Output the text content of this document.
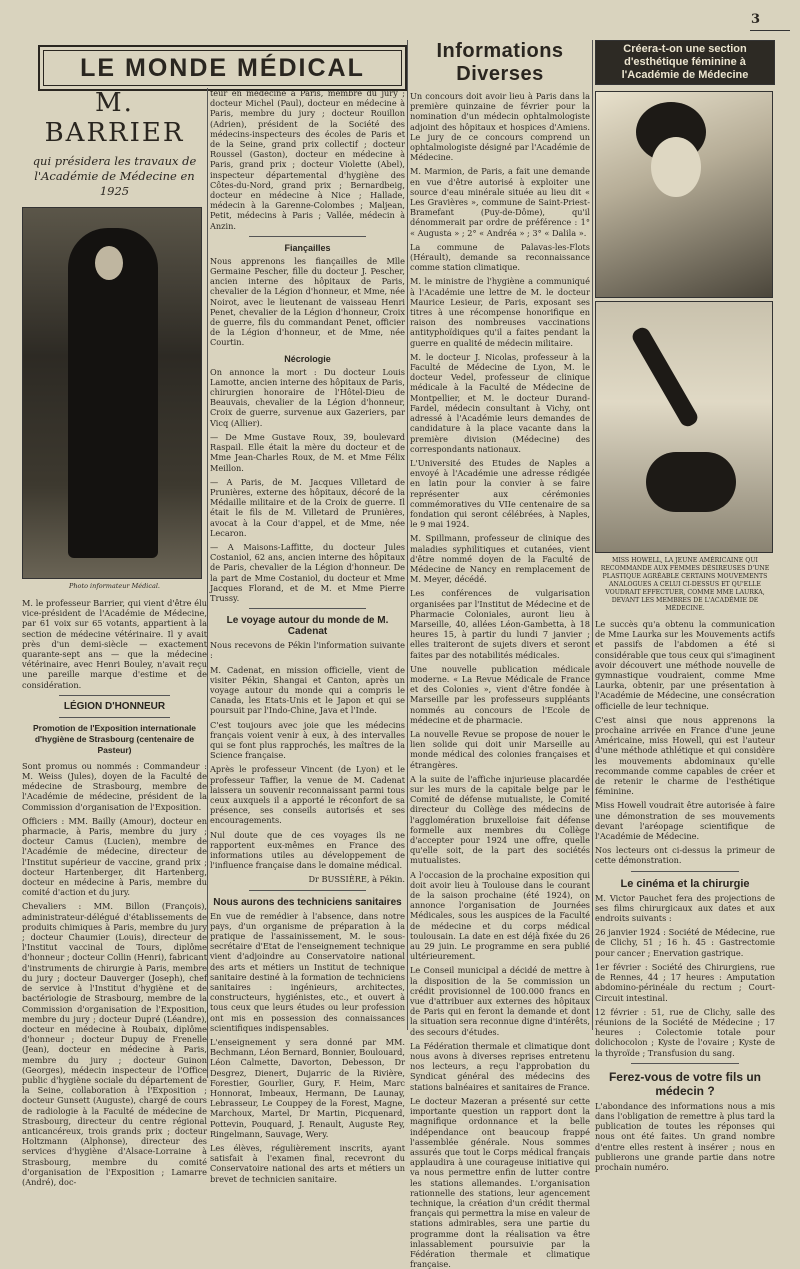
3
LE MONDE MÉDICAL
M. BARRIER
qui présidera les travaux de l'Académie de Médecine en 1925
Photo informateur Médical.

M. le professeur Barrier, qui vient d'être élu vice-président de l'Académie de Médecine, par 61 voix sur 65 votants, appartient à la section de médecine vétérinaire. Il y avait près d'un demi-siècle — exactement quarante-sept ans — que la médecine vétérinaire, avec Henri Bouley, n'avait reçu une pareille marque d'estime et de considération.

LÉGION D'HONNEUR
Promotion de l'Exposition internationale d'hygiène de Strasbourg (centenaire de Pasteur)

Sont promus ou nommés : Commandeur : M. Weiss (Jules), doyen de la Faculté de médecine de Strasbourg, membre de l'Académie de médecine, président de la Commission d'organisation de l'Exposition.

Officiers : MM. Bailly (Amour), docteur en pharmacie, à Paris, membre du jury ; docteur Camus (Lucien), membre de l'Académie de médecine, directeur de l'Institut supérieur de vaccine, grand prix ; docteur Hartenberger, dit Hartenberg, docteur en médecine à Paris, membre du comité d'action et du jury.

Chevaliers : MM. Billon (François), administrateur-délégué d'établissements de produits chimiques à Paris, membre du jury ; docteur Chaumier (Louis), directeur de l'Institut vaccinal de Tours, diplôme d'honneur ; docteur Collin (Henri), fabricant d'instruments de chirurgie à Paris, membre du jury ; docteur Dauverger (Joseph), chef de service à l'Institut d'hygiène et de bactériologie de Strasbourg, membre de la Commission d'organisation de l'Exposition, membre du jury ; docteur Dupré (Léandre), docteur en médecine à Roubaix, diplôme d'honneur ; docteur Dupuy de Frenelle (Jean), docteur en médecine à Paris, membre du jury ; docteur Guinon (Georges), médecin inspecteur de l'Office public d'hygiène sociale du département de la Seine, collaboration à l'Exposition ; docteur Gunsett (Auguste), chargé de cours de radiologie à la Faculté de médecine de Strasbourg, directeur du centre régional anticancéreux, trois grands prix ; docteur Holtzmann (Alphonse), directeur des services d'hygiène d'Alsace-Lorraine à Strasbourg, membre du comité d'organisation de l'Exposition ; Lamarre (André), doc-

teur en médecine à Paris, membre du jury ; docteur Michel (Paul), docteur en médecine à Paris, membre du jury ; docteur Rouillon (Adrien), président de la Société des médecins-inspecteurs des écoles de Paris et de la Seine, grand prix collectif ; docteur Roussel (Gaston), docteur en médecine à Paris, grand prix ; docteur Violette (Abel), inspecteur départemental d'hygiène des Côtes-du-Nord, grand prix ; Bernardbeig, docteur en médecine à Nice ; Hallade, médecin à la Garenne-Colombes ; Maljean, Petit, médecins à Paris ; Vallée, médecin à Anzin.

Fiançailles

Nous apprenons les fiançailles de Mlle Germaine Pescher, fille du docteur J. Pescher, ancien interne des hôpitaux de Paris, chevalier de la Légion d'honneur, et Mme, née Noirot, avec le lieutenant de vaisseau Henri Penet, chevalier de la Légion d'honneur, Croix de guerre, fils du commandant Penet, officier de la Légion d'honneur, et de Mme, née Courtin.

Nécrologie

On annonce la mort : Du docteur Louis Lamotte, ancien interne des hôpitaux de Paris, chirurgien honoraire de l'Hôtel-Dieu de Beauvais, chevalier de la Légion d'honneur, Croix de guerre, survenue aux Gazeriers, par Vicq (Allier).

— De Mme Gustave Roux, 39, boulevard Raspail. Elle était la mère du docteur et de Mme Jean-Charles Roux, de M. et Mme Félix Meillon.

— A Paris, de M. Jacques Villetard de Prunières, externe des hôpitaux, décoré de la Médaille militaire et de la Croix de guerre. Il était le fils de M. Villetard de Prunières, avocat à la Cour d'appel, et de Mme, née Lecaron.

— A Maisons-Laffitte, du docteur Jules Costaniol, 62 ans, ancien interne des hôpitaux de Paris, chevalier de la Légion d'honneur. De la part de Mme Costaniol, du docteur et Mme Jacques Florand, et de M. et Mme Pierre Trussy.

Le voyage autour du monde de M. Cadenat

Nous recevons de Pékin l'information suivante :

M. Cadenat, en mission officielle, vient de visiter Pékin, Shangai et Canton, après un voyage autour du monde qui a compris le Canada, les Etats-Unis et le Japon et qui se poursuit par l'Indo-Chine, Java et l'Inde.

C'est toujours avec joie que les médecins français voient venir à eux, à des intervalles qui se font plus rapprochés, les maîtres de la Science française.

Après le professeur Vincent (de Lyon) et le professeur Taffier, la venue de M. Cadenat laissera un souvenir reconnaissant parmi tous ceux auxquels il a apporté le réconfort de sa présence, ses conseils autorisés et ses encouragements.

Nul doute que de ces voyages ils ne rapportent eux-mêmes en France des informations utiles au développement de l'influence française dans le domaine médical.

Dr BUSSIÈRE, à Pékin.

Nous aurons des techniciens sanitaires

En vue de remédier à l'absence, dans notre pays, d'un organisme de préparation à la pratique de l'assainissement, M. le sous-secrétaire d'Etat de l'enseignement technique vient d'adjoindre au Conservatoire national des arts et métiers un Institut de technique sanitaire destiné à la formation de techniciens sanitaires : ingénieurs, architectes, constructeurs, hygiénistes, etc., et ouvert à tous ceux que leurs études ou leur profession ont mis en possession des connaissances scientifiques indispensables.

L'enseignement y sera donné par MM. Bechmann, Léon Bernard, Bonnier, Boulouard, Léon Calmette, Davorton, Debesson, Dr Desgrez, Dienert, Dujarric de la Rivière, Forestier, Gourlier, Gury, F. Heim, Marc Honnorat, Imbeaux, Hermann, De Launay, Lebrasseur, Le Couppey de la Forest, Magne, Marchoux, Martel, Dr Martin, Picquenard, Pottevin, Pouquard, J. Renault, Auguste Rey, Ringelmann, Sauvage, Wery.

Les élèves, régulièrement inscrits, ayant satisfait à l'examen final, recevront du Conservatoire national des arts et métiers un brevet de technicien sanitaire.

Informations Diverses

Un concours doit avoir lieu à Paris dans la première quinzaine de février pour la nomination d'un médecin ophtalmologiste adjoint des hôpitaux et hospices d'Amiens. Le jury de ce concours comprend un ophtalmologiste désigné par l'Académie de Médecine.

M. Marmion, de Paris, a fait une demande en vue d'être autorisé à exploiter une source d'eau minérale située au lieu dit « Les Gravières », commune de Saint-Priest-Bramefant (Puy-de-Dôme), qu'il dénommerait par ordre de préférence : 1° « Augusta » ; 2° « Andréa » ; 3° « Dalila ».

La commune de Palavas-les-Flots (Hérault), demande sa reconnaissance comme station climatique.

M. le ministre de l'hygiène a communiqué à l'Académie une lettre de M. le docteur Maurice Lesieur, de Paris, exposant ses titres à une récompense honorifique en raison des nombreuses vaccinations antityphoïdiques qu'il a faites pendant la guerre en qualité de médecin militaire.

M. le docteur J. Nicolas, professeur à la Faculté de Médecine de Lyon, M. le docteur Vedel, professeur de clinique médicale à la Faculté de Médecine de Montpellier, et M. le docteur Durand-Fardel, médecin consultant à Vichy, ont adressé à l'Académie leurs demandes de candidature à la place vacante dans la première division (Médecine) des correspondants nationaux.

L'Université des Etudes de Naples a envoyé à l'Académie une adresse rédigée en latin pour la convier à se faire représenter aux cérémonies commémoratives du VIIe centenaire de sa fondation qui seront célébrées, à Naples, le 9 mai 1924.

M. Spillmann, professeur de clinique des maladies syphilitiques et cutanées, vient d'être nommé doyen de la Faculté de Médecine de Nancy en remplacement de M. Meyer, décédé.

Les conférences de vulgarisation organisées par l'Institut de Médecine et de Pharmacie Coloniales, auront lieu à Marseille, 40, allées Léon-Gambetta, à 18 heures 15, à partir du lundi 7 janvier ; elles traiteront de sujets divers et seront faites par des notabilités médicales.

Une nouvelle publication médicale moderne. « La Revue Médicale de France et des Colonies », vient d'être fondée à Marseille par les professeurs suppléants nommés au concours de l'Ecole de médecine et de pharmacie.

La nouvelle Revue se propose de nouer le lien solide qui doit unir Marseille au monde médical des colonies françaises et étrangères.

A la suite de l'affiche injurieuse placardée sur les murs de la capitale belge par le Comité de défense mutualiste, le Comité directeur du Collège des médecins de l'agglomération bruxelloise fait défense formelle aux membres du Collège d'accepter pour 1924 une offre, quelle qu'elle soit, de la part des sociétés mutualistes.

A l'occasion de la prochaine exposition qui doit avoir lieu à Toulouse dans le courant de la saison prochaine (été 1924), on annonce l'organisation de Journées Médicales, sous les auspices de la Faculté de médecine et du corps médical toulousain. La date en est déjà fixée du 26 au 29 juin. Le programme en sera publié ultérieurement.

Le Conseil municipal a décidé de mettre à la disposition de la 5e commission un crédit provisionnel de 100.000 francs en vue d'attribuer aux externes des hôpitaux de Paris qui en feront la demande et dont la situation sera reconnue digne d'intérêts, des secours d'études.

La Fédération thermale et climatique dont nous avons à diverses reprises entretenu nos lecteurs, a reçu l'approbation du Syndicat général des médecins des stations balnéaires et sanitaires de France.

Le docteur Mazeran a présenté sur cette importante question un rapport dont la magnifique ordonnance et la belle indépendance ont beaucoup frappé l'assemblée générale. Nous sommes assurés que tout le Corps médical français applaudira à une courageuse initiative qui va nous permettre enfin de lutter contre les stations allemandes. L'organisation rationnelle des stations, leur agencement technique, la création d'un crédit thermal français qui permettra la mise en valeur de stations admirables, sera une partie du programme dont la réalisation va être inlassablement poursuivie par la Fédération thermale et climatique française.

Créera-t-on une section d'esthétique féminine à l'Académie de Médecine
MISS HOWELL, LA JEUNE AMÉRICAINE QUI RECOMMANDE AUX FEMMES DÉSIREUSES D'UNE PLASTIQUE AGRÉABLE CERTAINS MOUVEMENTS ANALOGUES A CELUI CI-DESSUS ET QU'ELLE VOUDRAIT EFFECTUER, COMME MME LAURKA, DEVANT LES MEMBRES DE L'ACADÉMIE DE MÉDECINE.

Le succès qu'a obtenu la communication de Mme Laurka sur les Mouvements actifs et passifs de l'abdomen a été si considérable que tous ceux qui s'imaginent avoir découvert une méthode nouvelle de gymnastique voudraient, comme Mme Laurka, obtenir, par une présentation à l'Académie de Médecine, une consécration officielle de leur technique.

C'est ainsi que nous apprenons la prochaine arrivée en France d'une jeune Américaine, miss Howell, qui est l'auteur d'une méthode athlétique et qui considère les mouvements abdominaux qu'elle recommande comme capables de créer et de retenir le charme de l'esthétique féminine.

Miss Howell voudrait être autorisée à faire une démonstration de ses mouvements devant l'aréopage scientifique de l'Académie de Médecine.

Nos lecteurs ont ci-dessus la primeur de cette démonstration.

Le cinéma et la chirurgie

M. Victor Pauchet fera des projections de ses films chirurgicaux aux dates et aux endroits suivants :

26 janvier 1924 : Société de Médecine, rue de Clichy, 51 ; 16 h. 45 : Gastrectomie pour cancer ; Enervation gastrique.

1er février : Société des Chirurgiens, rue de Rennes, 44 ; 17 heures : Amputation abdomino-périnéale du rectum ; Court-Circuit intestinal.

12 février : 51, rue de Clichy, salle des réunions de la Société de Médecine ; 17 heures : Colectomie totale pour dolichocolon ; Kyste de l'ovaire ; Kyste de la thyroïde ; Transfusion du sang.

Ferez-vous de votre fils un médecin ?

L'abondance des informations nous a mis dans l'obligation de remettre à plus tard la publication de toutes les réponses qui nous ont été faites. Un grand nombre d'entre elles restent à insérer ; nous en publierons une grande partie dans notre prochain numéro.
